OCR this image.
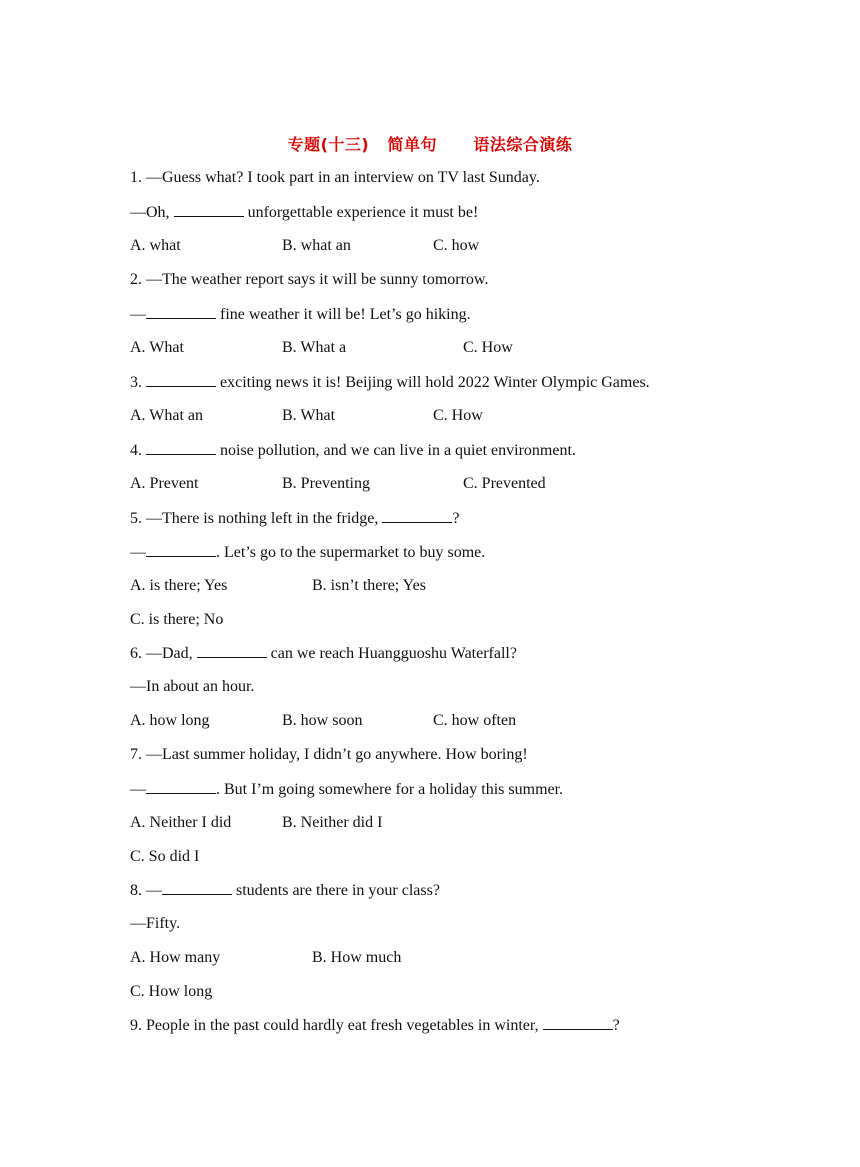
专题(十三) 简单句 语法综合演练
1. —Guess what? I took part in an interview on TV last Sunday.
—Oh,	unforgettable experience it must be!
A. what	B. what an	C. how
2. —The weather report says it will be sunny tomorrow.
—	fine weather it will be! Let’s go hiking.
A. What	B. What a	C. How
3.	exciting news it is! Beijing will hold 2022 Winter Olympic Games.
A. What an	B. What	C. How
4.	noise pollution, and we can live in a quiet environment.
A. Prevent	B. Preventing	C. Prevented
5. —There is nothing left in the fridge,	?
—	. Let’s go to the supermarket to buy some.
A. is there; Yes	B. isn’t there; Yes
C. is there; No
6. —Dad,	can we reach Huangguoshu Waterfall?
—In about an hour.
A. how long	B. how soon	C. how often
7. —Last summer holiday, I didn’t go anywhere. How boring!
—	. But I’m going somewhere for a holiday this summer.
A. Neither I did	B. Neither did I
C. So did I
8. —	students are there in your class?
—Fifty.
A. How many	B. How much
C. How long
9. People in the past could hardly eat fresh vegetables in winter,	?
